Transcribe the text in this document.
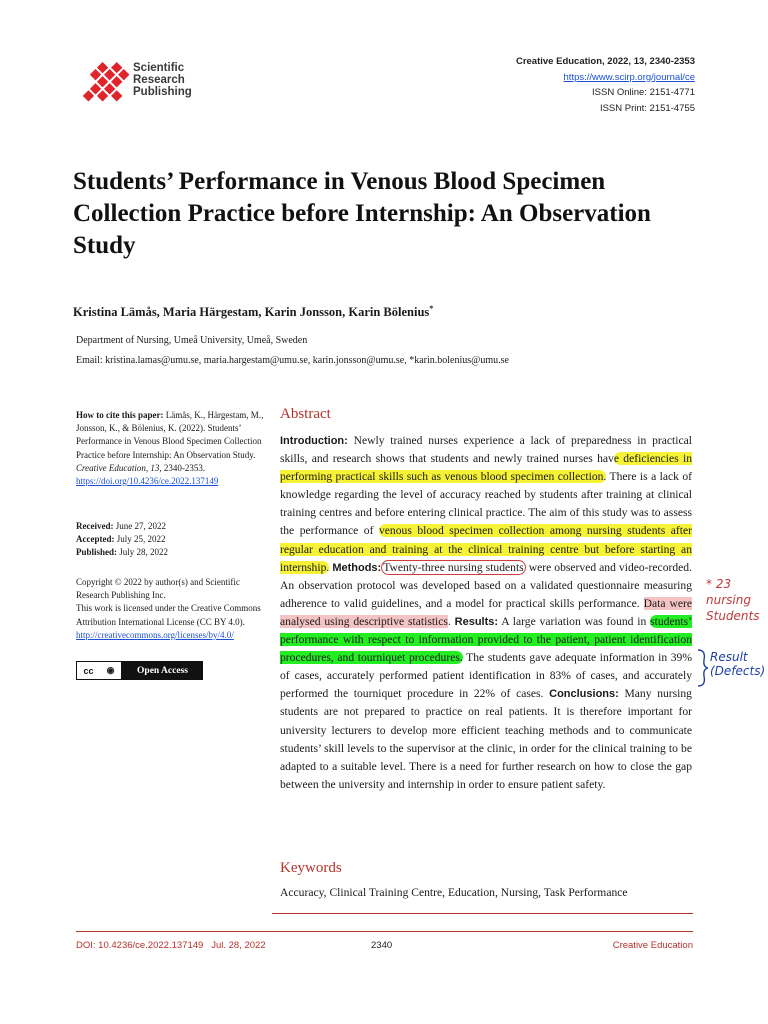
Scientific
Research
Publishing
Creative Education, 2022, 13, 2340-2353
https://www.scirp.org/journal/ce
ISSN Online: 2151-4771
ISSN Print: 2151-4755
Students’ Performance in Venous Blood Specimen Collection Practice before Internship: An Observation Study
Kristina Lämås, Maria Härgestam, Karin Jonsson, Karin Bölenius*
Department of Nursing, Umeå University, Umeå, Sweden
Email: kristina.lamas@umu.se, maria.hargestam@umu.se, karin.jonsson@umu.se, *karin.bolenius@umu.se
How to cite this paper: Lämås, K., Härgestam, M., Jonsson, K., & Bölenius, K. (2022). Students’ Performance in Venous Blood Specimen Collection Practice before Internship: An Observation Study. Creative Education, 13, 2340-2353.
https://doi.org/10.4236/ce.2022.137149
Received: June 27, 2022
Accepted: July 25, 2022
Published: July 28, 2022
Copyright © 2022 by author(s) and Scientific Research Publishing Inc.
This work is licensed under the Creative Commons Attribution International License (CC BY 4.0).
http://creativecommons.org/licenses/by/4.0/
cc ◉	Open Access
Abstract
Introduction: Newly trained nurses experience a lack of preparedness in practical skills, and research shows that students and newly trained nurses have deficiencies in performing practical skills such as venous blood specimen collection. There is a lack of knowledge regarding the level of accuracy reached by students after training at clinical training centres and before entering clinical practice. The aim of this study was to assess the performance of venous blood specimen collection among nursing students after regular education and training at the clinical training centre but before starting an internship. Methods: Twenty-three nursing students were observed and video-recorded. An observation protocol was developed based on a validated questionnaire measuring adherence to valid guidelines, and a model for practical skills performance. Data were analysed using descriptive statistics. Results: A large variation was found in students’ performance with respect to information provided to the patient, patient identification procedures, and tourniquet procedures. The students gave adequate information in 39% of cases, accurately performed patient identification in 83% of cases, and accurately performed the tourniquet procedure in 22% of cases. Conclusions: Many nursing students are not prepared to practice on real patients. It is therefore important for university lecturers to develop more efficient teaching methods and to communicate students’ skill levels to the supervisor at the clinic, in order for the clinical training to be adapted to a suitable level. There is a need for further research on how to close the gap between the university and internship in order to ensure patient safety.
Keywords
Accuracy, Clinical Training Centre, Education, Nursing, Task Performance
DOI: 10.4236/ce.2022.137149 Jul. 28, 2022	2340	Creative Education
* 23
nursing
Students
Result
(Defects)
